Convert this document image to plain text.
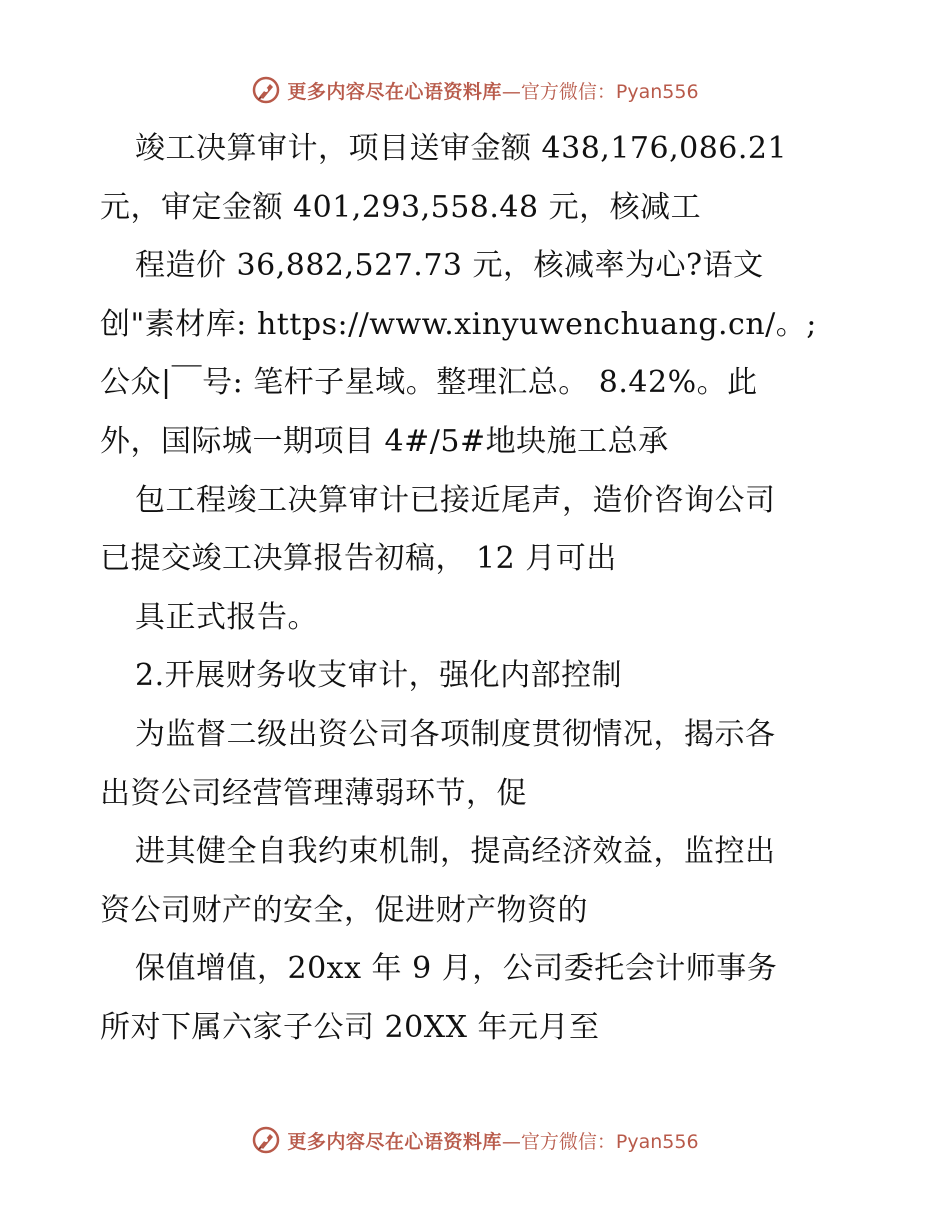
更多内容尽在心语资料库 —官方微信：Pyan556
竣工决算审计，项目送审金额 438,176,086.21
元，审定金额 401,293,558.48 元，核减工
程造价 36,882,527.73 元，核减率为心?语文
创"素材库: https://www.xinyuwenchuang.cn/。;
公众|￣号: 笔杆子星域。整理汇总。 8.42%。此
外，国际城一期项目 4#/5#地块施工总承
包工程竣工决算审计已接近尾声，造价咨询公司
已提交竣工决算报告初稿， 12 月可出
具正式报告。
2.开展财务收支审计，强化内部控制
为监督二级出资公司各项制度贯彻情况，揭示各
出资公司经营管理薄弱环节，促
进其健全自我约束机制，提高经济效益，监控出
资公司财产的安全，促进财产物资的
保值增值，20xx 年 9 月，公司委托会计师事务
所对下属六家子公司 20XX 年元月至
更多内容尽在心语资料库 —官方微信：Pyan556
